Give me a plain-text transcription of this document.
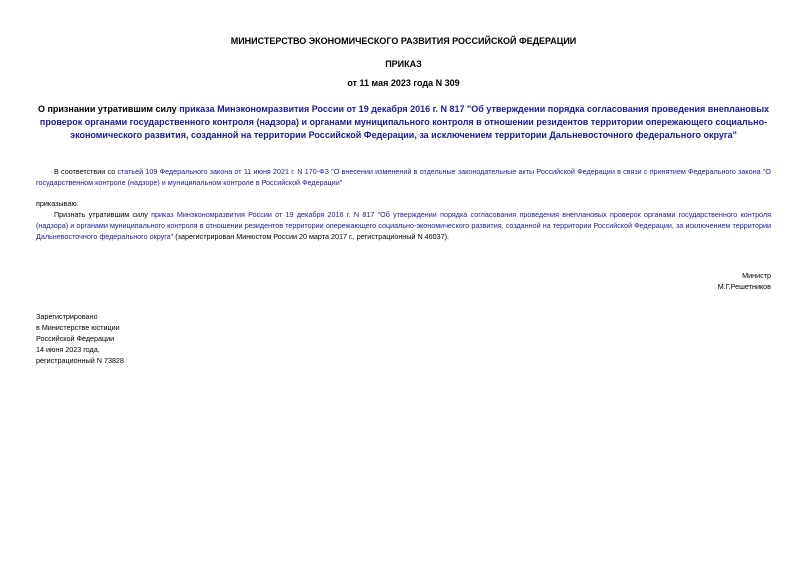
МИНИСТЕРСТВО ЭКОНОМИЧЕСКОГО РАЗВИТИЯ РОССИЙСКОЙ ФЕДЕРАЦИИ
ПРИКАЗ
от 11 мая 2023 года N 309
О признании утратившим силу приказа Минэкономразвития России от 19 декабря 2016 г. N 817 "Об утверждении порядка согласования проведения внеплановых проверок органами государственного контроля (надзора) и органами муниципального контроля в отношении резидентов территории опережающего социально-экономического развития, созданной на территории Российской Федерации, за исключением территории Дальневосточного федерального округа"
В соответствии со статьей 109 Федерального закона от 11 июня 2021 г. N 170-ФЗ "О внесении изменений в отдельные законодательные акты Российской Федерации в связи с принятием Федерального закона "О государственном контроле (надзоре) и муниципальном контроле в Российской Федерации"
приказываю:
Признать утратившим силу приказ Минэкономразвития России от 19 декабря 2016 г. N 817 "Об утверждении порядка согласования проведения внеплановых проверок органами государственного контроля (надзора) и органами муниципального контроля в отношении резидентов территории опережающего социально-экономического развития, созданной на территории Российской Федерации, за исключением территории Дальневосточного федерального округа" (зарегистрирован Минюстом России 20 марта 2017 г., регистрационный N 46037).
Министр
М.Г.Решетников
Зарегистрировано
в Министерстве юстиции
Российской Федерации
14 июня 2023 года,
регистрационный N 73828
